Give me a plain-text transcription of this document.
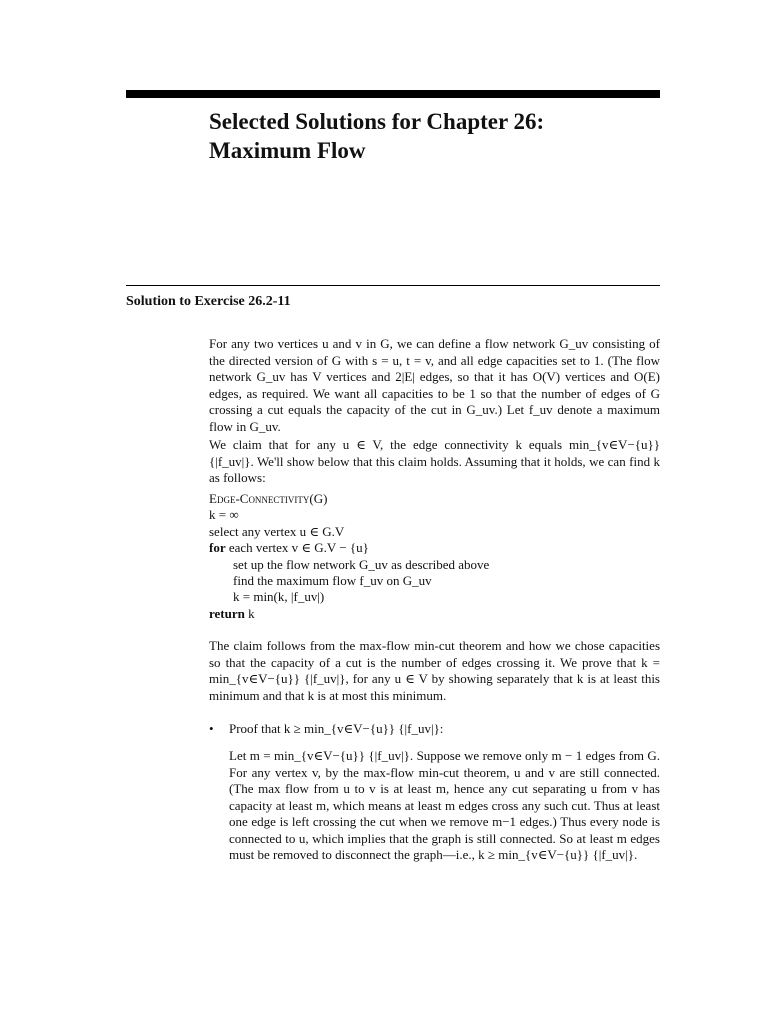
Selected Solutions for Chapter 26:
Maximum Flow
Solution to Exercise 26.2-11

For any two vertices u and v in G, we can define a flow network G_uv consisting of the directed version of G with s = u, t = v, and all edge capacities set to 1. (The flow network G_uv has V vertices and 2|E| edges, so that it has O(V) vertices and O(E) edges, as required. We want all capacities to be 1 so that the number of edges of G crossing a cut equals the capacity of the cut in G_uv.) Let f_uv denote a maximum flow in G_uv.

We claim that for any u ∈ V, the edge connectivity k equals min_{v∈V−{u}} {|f_uv|}. We'll show below that this claim holds. Assuming that it holds, we can find k as follows:

Edge-Connectivity(G)
k = ∞
select any vertex u ∈ G.V
for each vertex v ∈ G.V − {u}
set up the flow network G_uv as described above
find the maximum flow f_uv on G_uv
k = min(k, |f_uv|)
return k

The claim follows from the max-flow min-cut theorem and how we chose capacities so that the capacity of a cut is the number of edges crossing it. We prove that k = min_{v∈V−{u}} {|f_uv|}, for any u ∈ V by showing separately that k is at least this minimum and that k is at most this minimum.

• Proof that k ≥ min_{v∈V−{u}} {|f_uv|}:

Let m = min_{v∈V−{u}} {|f_uv|}. Suppose we remove only m − 1 edges from G. For any vertex v, by the max-flow min-cut theorem, u and v are still connected. (The max flow from u to v is at least m, hence any cut separating u from v has capacity at least m, which means at least m edges cross any such cut. Thus at least one edge is left crossing the cut when we remove m−1 edges.) Thus every node is connected to u, which implies that the graph is still connected. So at least m edges must be removed to disconnect the graph—i.e., k ≥ min_{v∈V−{u}} {|f_uv|}.
